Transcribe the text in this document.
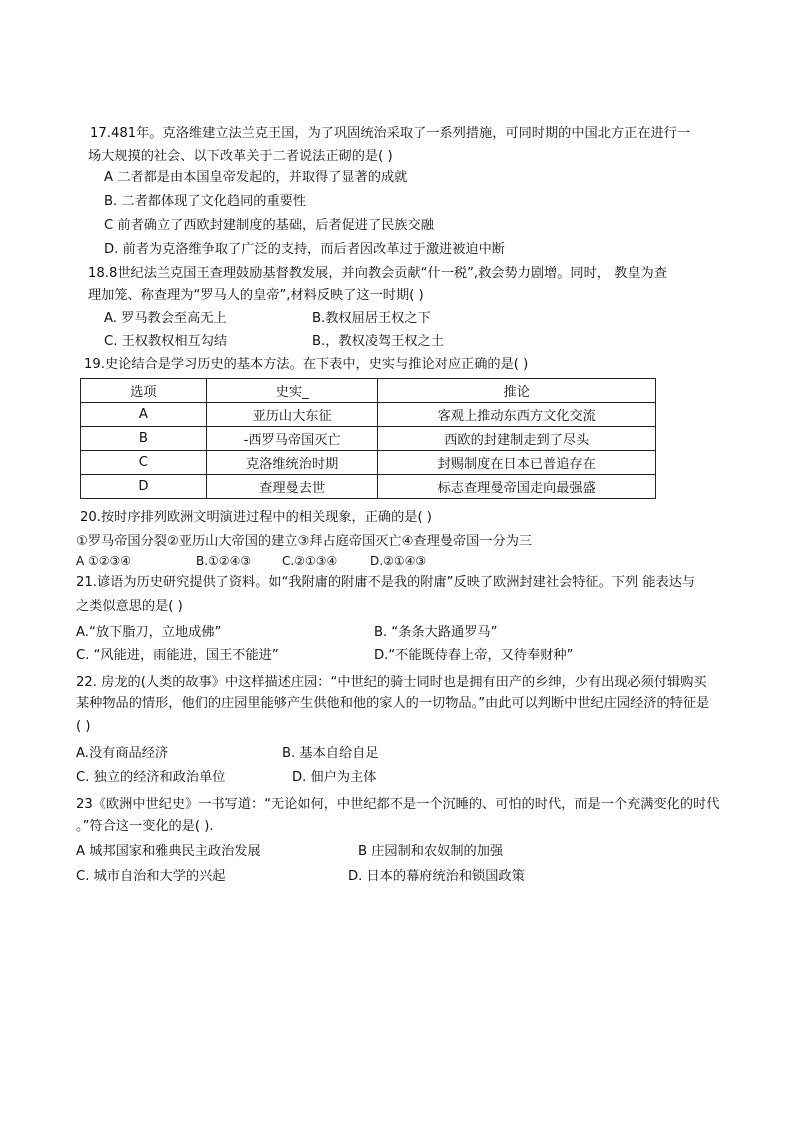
17.481年。克洛维建立法兰克王国，为了巩固统治采取了一系列措施，可同时期的中国北方正在进行一
场大规摸的社会、以下改革关于二者说法正砌的是( )
A 二者都是由本国皇帝发起的，并取得了显著的成就
B. 二者都体现了文化趋同的重要性
C 前者确立了西欧封建制度的基础，后者促进了民族交融
D. 前者为克洛维争取了广泛的支持，而后者因改革过于激进被迫中断
18.8世纪法兰克国王查理鼓励基督教发展，并向教会贡献“什一税”,救会势力剧增。同时， 教皇为查
理加笼、称查理为“罗马人的皇帝”,材料反映了这一时期( )
A. 罗马教会至高无上	B.教权屈居王权之下
C. 王权教权相互勾结	B.，教权凌驾王权之土
19.史论结合是学习历史的基本方法。在下表中，史实与推论对应正确的是( )
选项	史实_	推论
A	亚历山大东征	客观上推动东西方文化交流
B	-西罗马帝国灭亡	西欧的封建制走到了尽头
C	克洛维统治时期	封赐制度在日本已普追存在
D	查理曼去世	标志查理曼帝国走向最强盛
20.按时序排列欧洲文明演进过程中的相关现象，正确的是( )
①罗马帝国分裂②亚历山大帝国的建立③拜占庭帝国灭亡④查理曼帝国一分为三
A ①②③④	B.①②④③	C.②①③④	D.②①④③
21.谚语为历史研究提供了资料。如“我附庸的附庸不是我的附庸”反映了欧洲封建社会特征。下列 能表达与
之类似意思的是( )
A.“放下脂刀，立地成佛”	B. “条条大路通罗马”
C. “风能进，雨能进，国王不能进”	D.“不能既侍春上帝，又待奉财种”
22. 房龙的(人类的故事》中这样描述庄园：“中世纪的骑士同时也是拥有田产的乡绅，少有出现必须付辑购买
某种物品的情形，他们的庄园里能够产生供他和他的家人的一切物品。”由此可以判断中世纪庄园经济的特征是
( )
A.没有商品经济	B. 基本自给自足
C. 独立的经济和政治单位	D. 佃户为主体
23《欧洲中世纪史》一书写道：“无论如何，中世纪都不是一个沉睡的、可怕的时代，而是一个充满变化的时代
。”符合这一变化的是( ).
A 城邦国家和雅典民主政治发展	B 庄园制和农奴制的加强
C. 城市自治和大学的兴起	D. 日本的幕府统治和锁国政策
